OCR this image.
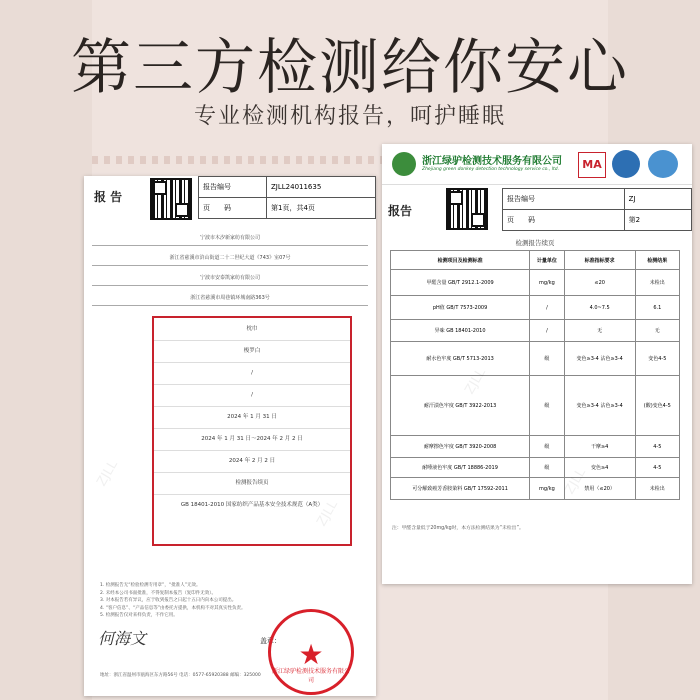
第三方检测给你安心
专业检测机构报告，呵护睡眠
浙江绿驴检测技术服务有限公司
Zhejiang green donkey detection technology service co., ltd.	MA
报告
报告编号	ZJ
页　　码	第2
检测报告续页
检测项目及检测标准	计量单位	标准指标要求	检测结果
甲醛含量 GB/T 2912.1-2009	mg/kg	≤20	未检出
pH值 GB/T 7573-2009	/	4.0~7.5	6.1
异味 GB 18401-2010	/	无	无
耐水色牢度 GB/T 5713-2013	级	变色≥3-4 沾色≥3-4	变色4-5
耐汗渍色牢度 GB/T 3922-2013	级	变色≥3-4 沾色≥3-4	(酸)变色4-5
耐摩擦色牢度 GB/T 3920-2008	级	干摩≥4	4-5
耐唾液色牢度 GB/T 18886-2019	级	变色≥4	4-5
可分解致癌芳香胺染料 GB/T 17592-2011	mg/kg	禁用（≤20）	未检出
注：甲醛含量低于20mg/kg时，本方法检测结果为“未检出”。
ZJLL
ZJLL
报 告
报告编号	ZJLL24011635
页　　码	第1页，共4页
宁波市木汐新家纺有限公司
浙江省慈溪市浒山街道二十二世纪大道《743》室07号
宁波市安泰凯家纺有限公司
浙江省慈溪市周巷镇环城南路363号
枕巾
梭罗白
/
/
2024 年 1 月 31 日
2024 年 1 月 31 日～2024 年 2 月 2 日
2024 年 2 月 2 日
检测报告续页
GB 18401-2010 国家纺织产品基本安全技术规范（A类）
1. 检测报告无“检验检测专用章”，“批准人”无效。
2. 未经本公司书面批准，不得复制本报告（复印件无效）。
3. 对本报告若有异议，应于收到报告之日起十五日内向本公司提出。
4. “客户信息”、“产品信息等”由委托方提供，本机构不对其真实性负责。
5. 检测报告仅对来样负责，不作它用。
何海文	盖章： ★
浙江绿驴检测技术服务有限公司
地址：浙江省温州市瓯海区东方路56号 电话：0577-65920388 邮编：325000
ZJLL
ZJLL
